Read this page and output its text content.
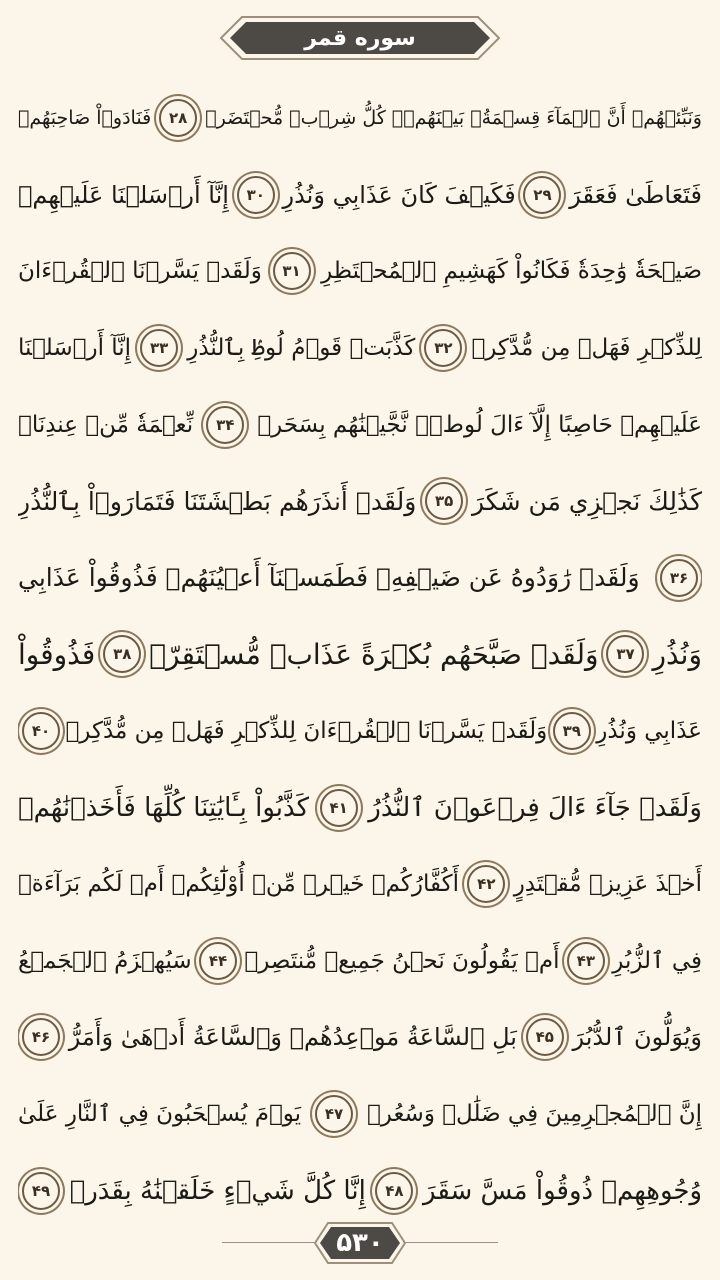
سوره قمر
وَنَبِّئۡهُمۡ أَنَّ ٱلۡمَآءَ قِسۡمَةُۢ بَيۡنَهُمۡۖ كُلُّ شِرۡبٖ مُّحۡتَضَرٞ
۲۸
فَنَادَوۡاْ صَاحِبَهُمۡ
فَتَعَاطَىٰ فَعَقَرَ
۲۹
فَكَيۡفَ كَانَ عَذَابِي وَنُذُرِ
۳۰
إِنَّآ أَرۡسَلۡنَا عَلَيۡهِمۡ
صَيۡحَةٗ وَٰحِدَةٗ فَكَانُواْ كَهَشِيمِ ٱلۡمُحۡتَظِرِ
۳۱
وَلَقَدۡ يَسَّرۡنَا ٱلۡقُرۡءَانَ
لِلذِّكۡرِ فَهَلۡ مِن مُّدَّكِرٖ
۳۲
كَذَّبَتۡ قَوۡمُ لُوطِۢ بِٱلنُّذُرِ
۳۳
إِنَّآ أَرۡسَلۡنَا
عَلَيۡهِمۡ حَاصِبًا إِلَّآ ءَالَ لُوطٖۖ نَّجَّيۡنَٰهُم بِسَحَرٖ
۳۴
نِّعۡمَةٗ مِّنۡ عِندِنَاۚ
كَذَٰلِكَ نَجۡزِي مَن شَكَرَ
۳۵
وَلَقَدۡ أَنذَرَهُم بَطۡشَتَنَا فَتَمَارَوۡاْ بِٱلنُّذُرِ
۳۶
وَلَقَدۡ رَٰوَدُوهُ عَن ضَيۡفِهِۦ فَطَمَسۡنَآ أَعۡيُنَهُمۡ فَذُوقُواْ عَذَابِي
وَنُذُرِ
۳۷
وَلَقَدۡ صَبَّحَهُم بُكۡرَةً عَذَابٞ مُّسۡتَقِرّٞ
۳۸
فَذُوقُواْ
عَذَابِي وَنُذُرِ
۳۹
وَلَقَدۡ يَسَّرۡنَا ٱلۡقُرۡءَانَ لِلذِّكۡرِ فَهَلۡ مِن مُّدَّكِرٖ
۴۰
وَلَقَدۡ جَآءَ ءَالَ فِرۡعَوۡنَ ٱلنُّذُرُ
۴۱
كَذَّبُواْ بِـَٔايَٰتِنَا كُلِّهَا فَأَخَذۡنَٰهُمۡ
أَخۡذَ عَزِيزٖ مُّقۡتَدِرٍ
۴۲
أَكُفَّارُكُمۡ خَيۡرٞ مِّنۡ أُوْلَٰٓئِكُمۡ أَمۡ لَكُم بَرَآءَةٞ
فِي ٱلزُّبُرِ
۴۳
أَمۡ يَقُولُونَ نَحۡنُ جَمِيعٞ مُّنتَصِرٞ
۴۴
سَيُهۡزَمُ ٱلۡجَمۡعُ
وَيُوَلُّونَ ٱلدُّبُرَ
۴۵
بَلِ ٱلسَّاعَةُ مَوۡعِدُهُمۡ وَٱلسَّاعَةُ أَدۡهَىٰ وَأَمَرُّ
۴۶
إِنَّ ٱلۡمُجۡرِمِينَ فِي ضَلَٰلٖ وَسُعُرٖ
۴۷
يَوۡمَ يُسۡحَبُونَ فِي ٱلنَّارِ عَلَىٰ
وُجُوهِهِمۡ ذُوقُواْ مَسَّ سَقَرَ
۴۸
إِنَّا كُلَّ شَيۡءٍ خَلَقۡنَٰهُ بِقَدَرٖ
۴۹
۵۳۰
